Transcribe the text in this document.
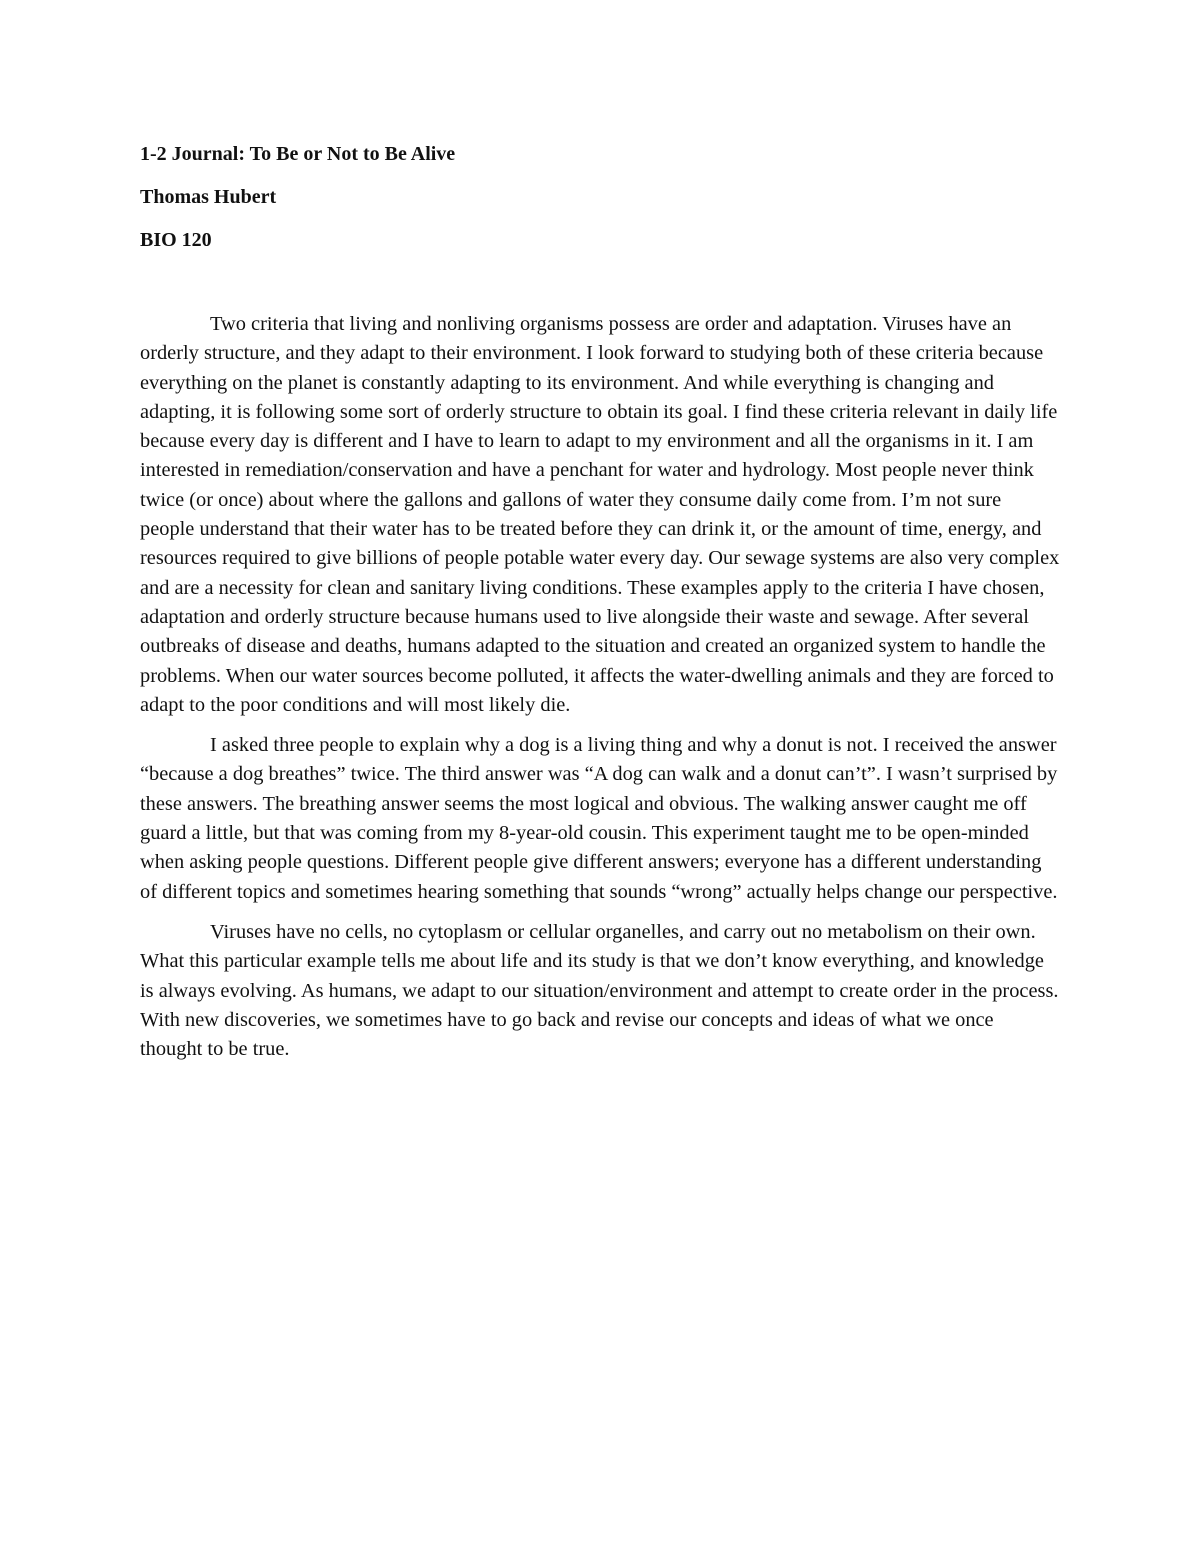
1-2 Journal: To Be or Not to Be Alive
Thomas Hubert
BIO 120

Two criteria that living and nonliving organisms possess are order and adaptation. Viruses have an orderly structure, and they adapt to their environment. I look forward to studying both of these criteria because everything on the planet is constantly adapting to its environment. And while everything is changing and adapting, it is following some sort of orderly structure to obtain its goal. I find these criteria relevant in daily life because every day is different and I have to learn to adapt to my environment and all the organisms in it. I am interested in remediation/conservation and have a penchant for water and hydrology. Most people never think twice (or once) about where the gallons and gallons of water they consume daily come from. I’m not sure people understand that their water has to be treated before they can drink it, or the amount of time, energy, and resources required to give billions of people potable water every day. Our sewage systems are also very complex and are a necessity for clean and sanitary living conditions. These examples apply to the criteria I have chosen, adaptation and orderly structure because humans used to live alongside their waste and sewage. After several outbreaks of disease and deaths, humans adapted to the situation and created an organized system to handle the problems. When our water sources become polluted, it affects the water-dwelling animals and they are forced to adapt to the poor conditions and will most likely die.

I asked three people to explain why a dog is a living thing and why a donut is not. I received the answer “because a dog breathes” twice. The third answer was “A dog can walk and a donut can’t”. I wasn’t surprised by these answers. The breathing answer seems the most logical and obvious. The walking answer caught me off guard a little, but that was coming from my 8-year-old cousin. This experiment taught me to be open-minded when asking people questions. Different people give different answers; everyone has a different understanding of different topics and sometimes hearing something that sounds “wrong” actually helps change our perspective.

Viruses have no cells, no cytoplasm or cellular organelles, and carry out no metabolism on their own. What this particular example tells me about life and its study is that we don’t know everything, and knowledge is always evolving. As humans, we adapt to our situation/environment and attempt to create order in the process. With new discoveries, we sometimes have to go back and revise our concepts and ideas of what we once thought to be true.
